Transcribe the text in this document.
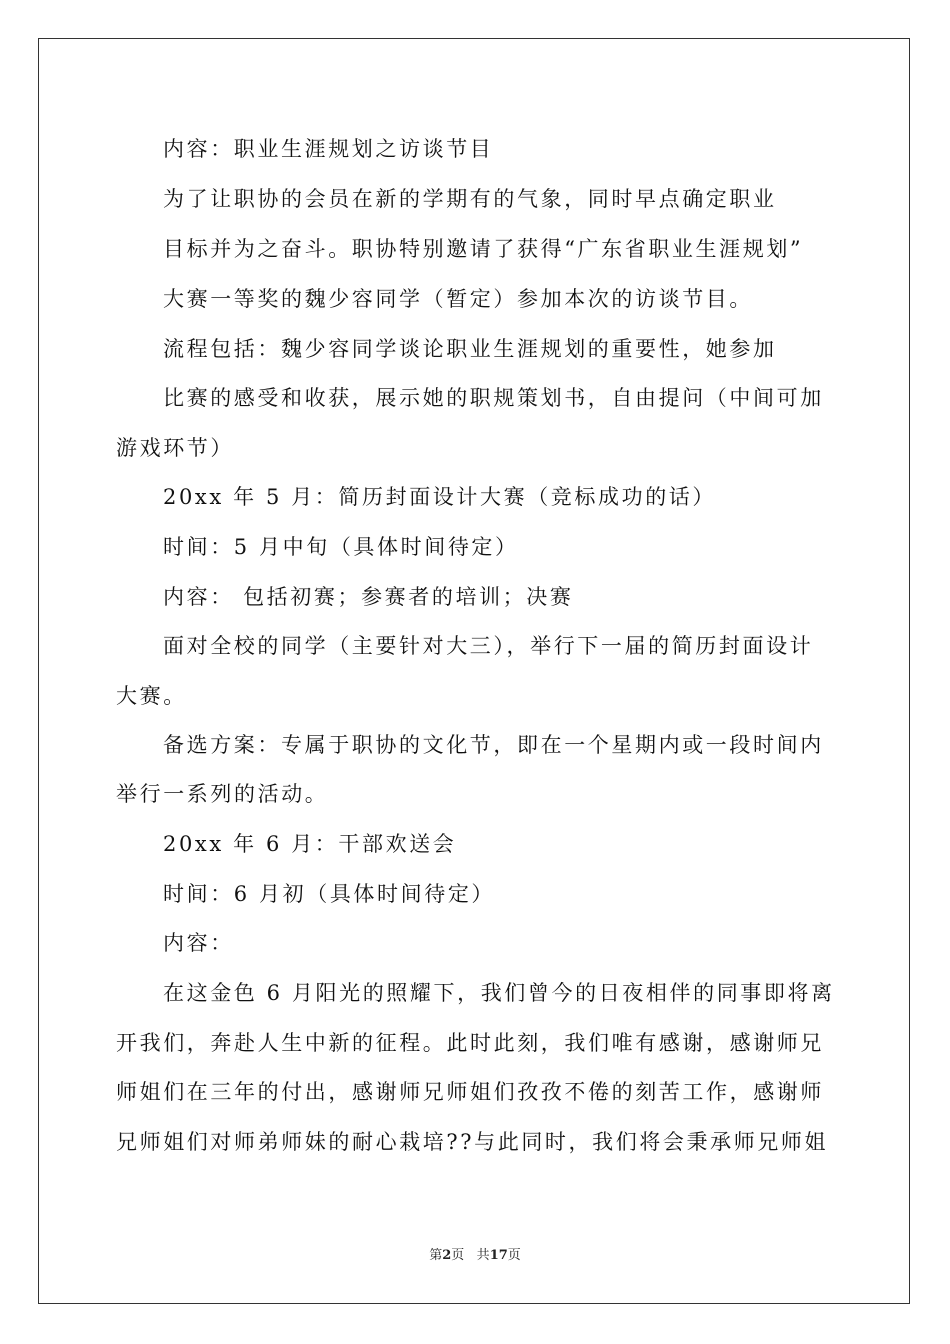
内容：职业生涯规划之访谈节目
为了让职协的会员在新的学期有的气象，同时早点确定职业
目标并为之奋斗。职协特别邀请了获得“广东省职业生涯规划”
大赛一等奖的魏少容同学（暂定）参加本次的访谈节目。
流程包括：魏少容同学谈论职业生涯规划的重要性，她参加
比赛的感受和收获，展示她的职规策划书，自由提问（中间可加
游戏环节）
20xx 年 5 月：简历封面设计大赛（竞标成功的话）
时间：5 月中旬（具体时间待定）
内容： 包括初赛；参赛者的培训；决赛
面对全校的同学（主要针对大三），举行下一届的简历封面设计
大赛。
备选方案：专属于职协的文化节，即在一个星期内或一段时间内
举行一系列的活动。
20xx 年 6 月：干部欢送会
时间：6 月初（具体时间待定）
内容：
在这金色 6 月阳光的照耀下，我们曾今的日夜相伴的同事即将离
开我们，奔赴人生中新的征程。此时此刻，我们唯有感谢，感谢师兄
师姐们在三年的付出，感谢师兄师姐们孜孜不倦的刻苦工作，感谢师
兄师姐们对师弟师妹的耐心栽培??与此同时，我们将会秉承师兄师姐
第2页 共17页
